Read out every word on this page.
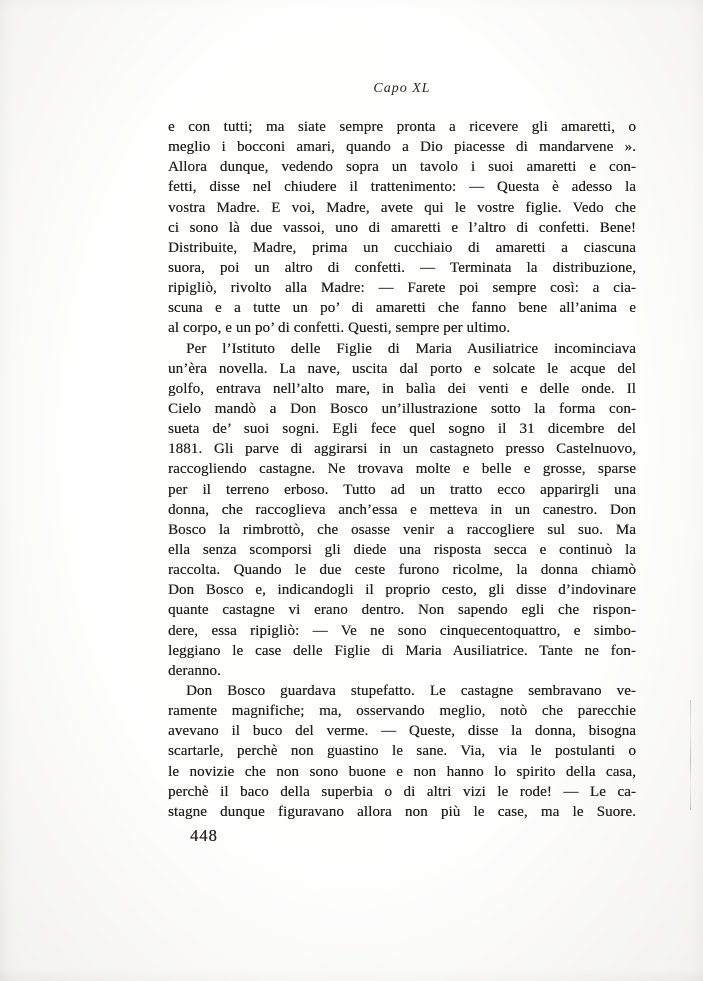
Capo XL
e con tutti; ma siate sempre pronta a ricevere gli amaretti, o
meglio i bocconi amari, quando a Dio piacesse di mandarvene ».
Allora dunque, vedendo sopra un tavolo i suoi amaretti e con-
fetti, disse nel chiudere il trattenimento: — Questa è adesso la
vostra Madre. E voi, Madre, avete qui le vostre figlie. Vedo che
ci sono là due vassoi, uno di amaretti e l’altro di confetti. Bene!
Distribuite, Madre, prima un cucchiaio di amaretti a ciascuna
suora, poi un altro di confetti. — Terminata la distribuzione,
ripigliò, rivolto alla Madre: — Farete poi sempre così: a cia-
scuna e a tutte un po’ di amaretti che fanno bene all’anima e
al corpo, e un po’ di confetti. Questi, sempre per ultimo.
Per l’Istituto delle Figlie di Maria Ausiliatrice incominciava
un’èra novella. La nave, uscita dal porto e solcate le acque del
golfo, entrava nell’alto mare, in balìa dei venti e delle onde. Il
Cielo mandò a Don Bosco un’illustrazione sotto la forma con-
sueta de’ suoi sogni. Egli fece quel sogno il 31 dicembre del
1881. Gli parve di aggirarsi in un castagneto presso Castelnuovo,
raccogliendo castagne. Ne trovava molte e belle e grosse, sparse
per il terreno erboso. Tutto ad un tratto ecco apparirgli una
donna, che raccoglieva anch’essa e metteva in un canestro. Don
Bosco la rimbrottò, che osasse venir a raccogliere sul suo. Ma
ella senza scomporsi gli diede una risposta secca e continuò la
raccolta. Quando le due ceste furono ricolme, la donna chiamò
Don Bosco e, indicandogli il proprio cesto, gli disse d’indovinare
quante castagne vi erano dentro. Non sapendo egli che rispon-
dere, essa ripigliò: — Ve ne sono cinquecentoquattro, e simbo-
leggiano le case delle Figlie di Maria Ausiliatrice. Tante ne fon-
deranno.
Don Bosco guardava stupefatto. Le castagne sembravano ve-
ramente magnifiche; ma, osservando meglio, notò che parecchie
avevano il buco del verme. — Queste, disse la donna, bisogna
scartarle, perchè non guastino le sane. Via, via le postulanti o
le novizie che non sono buone e non hanno lo spirito della casa,
perchè il baco della superbia o di altri vizi le rode! — Le ca-
stagne dunque figuravano allora non più le case, ma le Suore.
448
